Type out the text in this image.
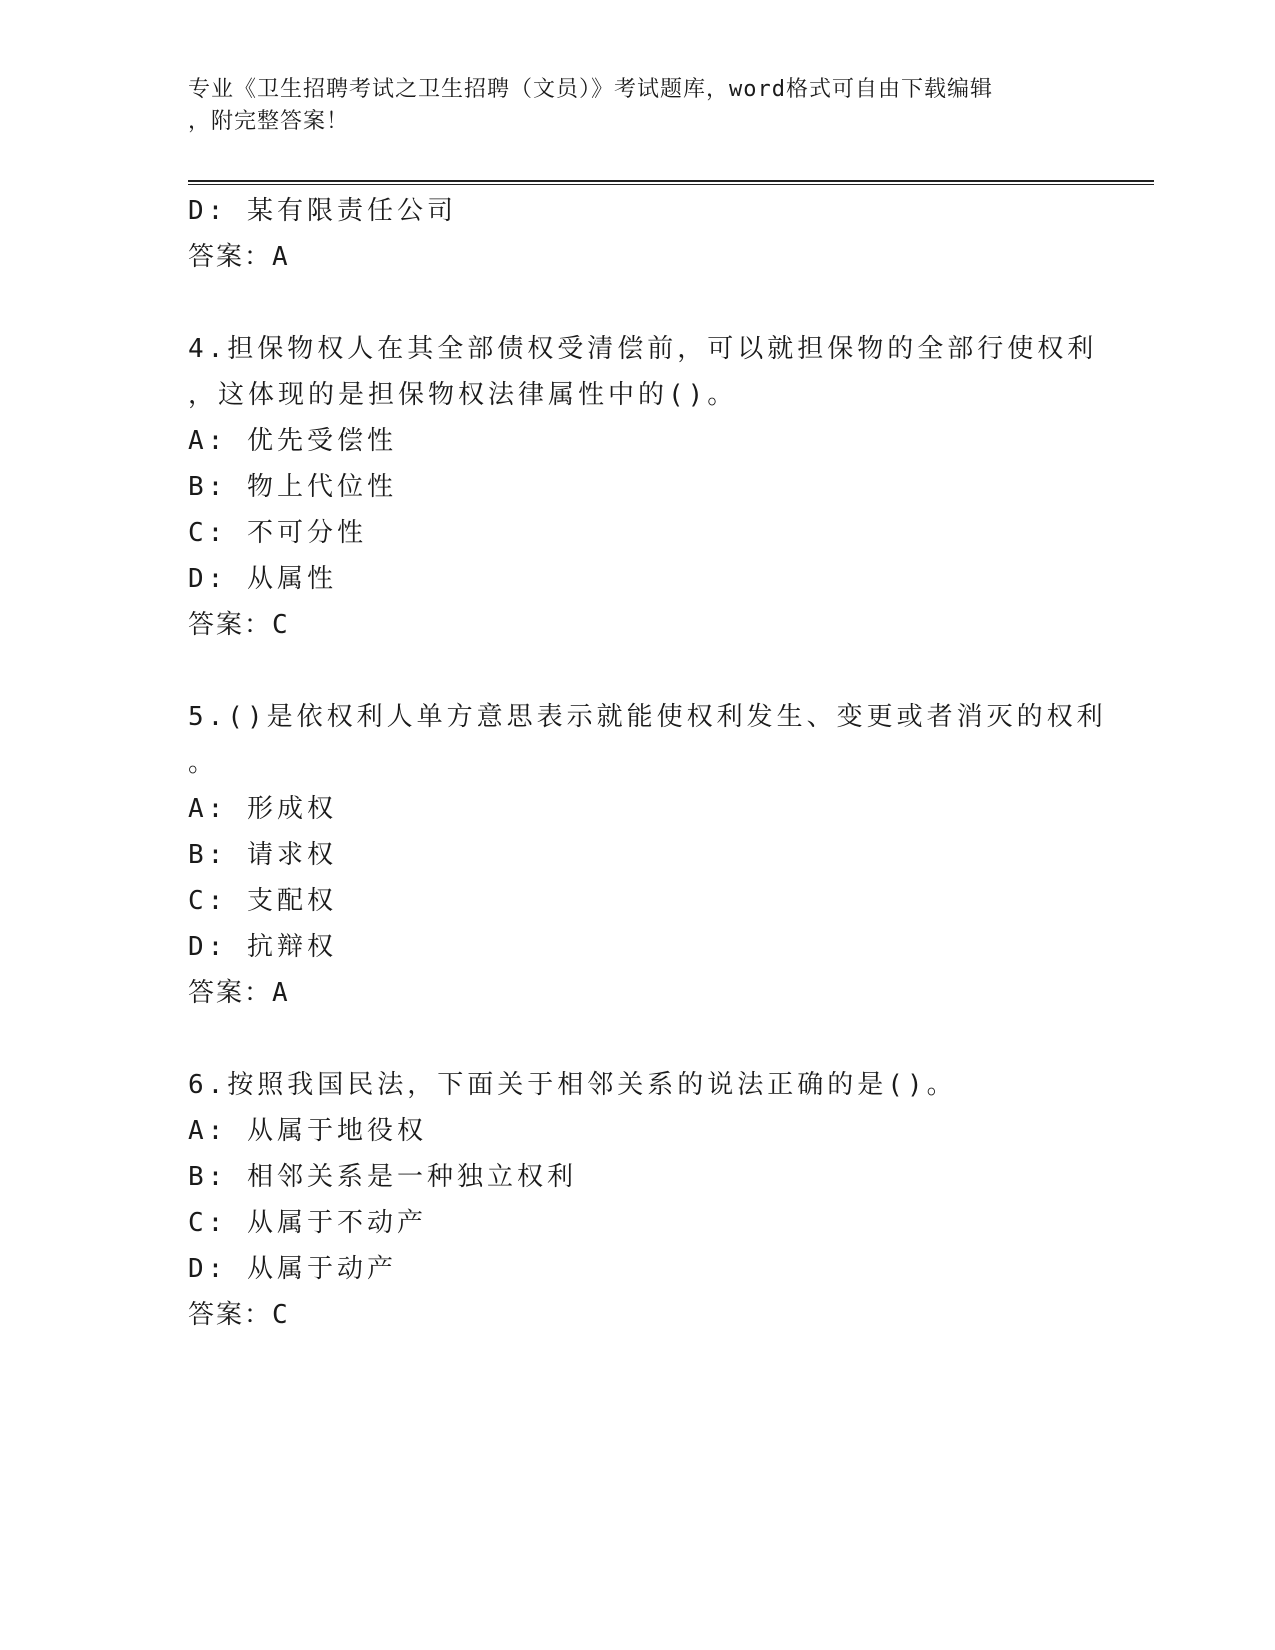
专业《卫生招聘考试之卫生招聘（文员）》考试题库，word格式可自由下载编辑
，附完整答案！
D: 某有限责任公司
答案：A
4.担保物权人在其全部债权受清偿前，可以就担保物的全部行使权利
，这体现的是担保物权法律属性中的()。
A: 优先受偿性
B: 物上代位性
C: 不可分性
D: 从属性
答案：C
5.()是依权利人单方意思表示就能使权利发生、变更或者消灭的权利
。
A: 形成权
B: 请求权
C: 支配权
D: 抗辩权
答案：A
6.按照我国民法，下面关于相邻关系的说法正确的是()。
A: 从属于地役权
B: 相邻关系是一种独立权利
C: 从属于不动产
D: 从属于动产
答案：C
